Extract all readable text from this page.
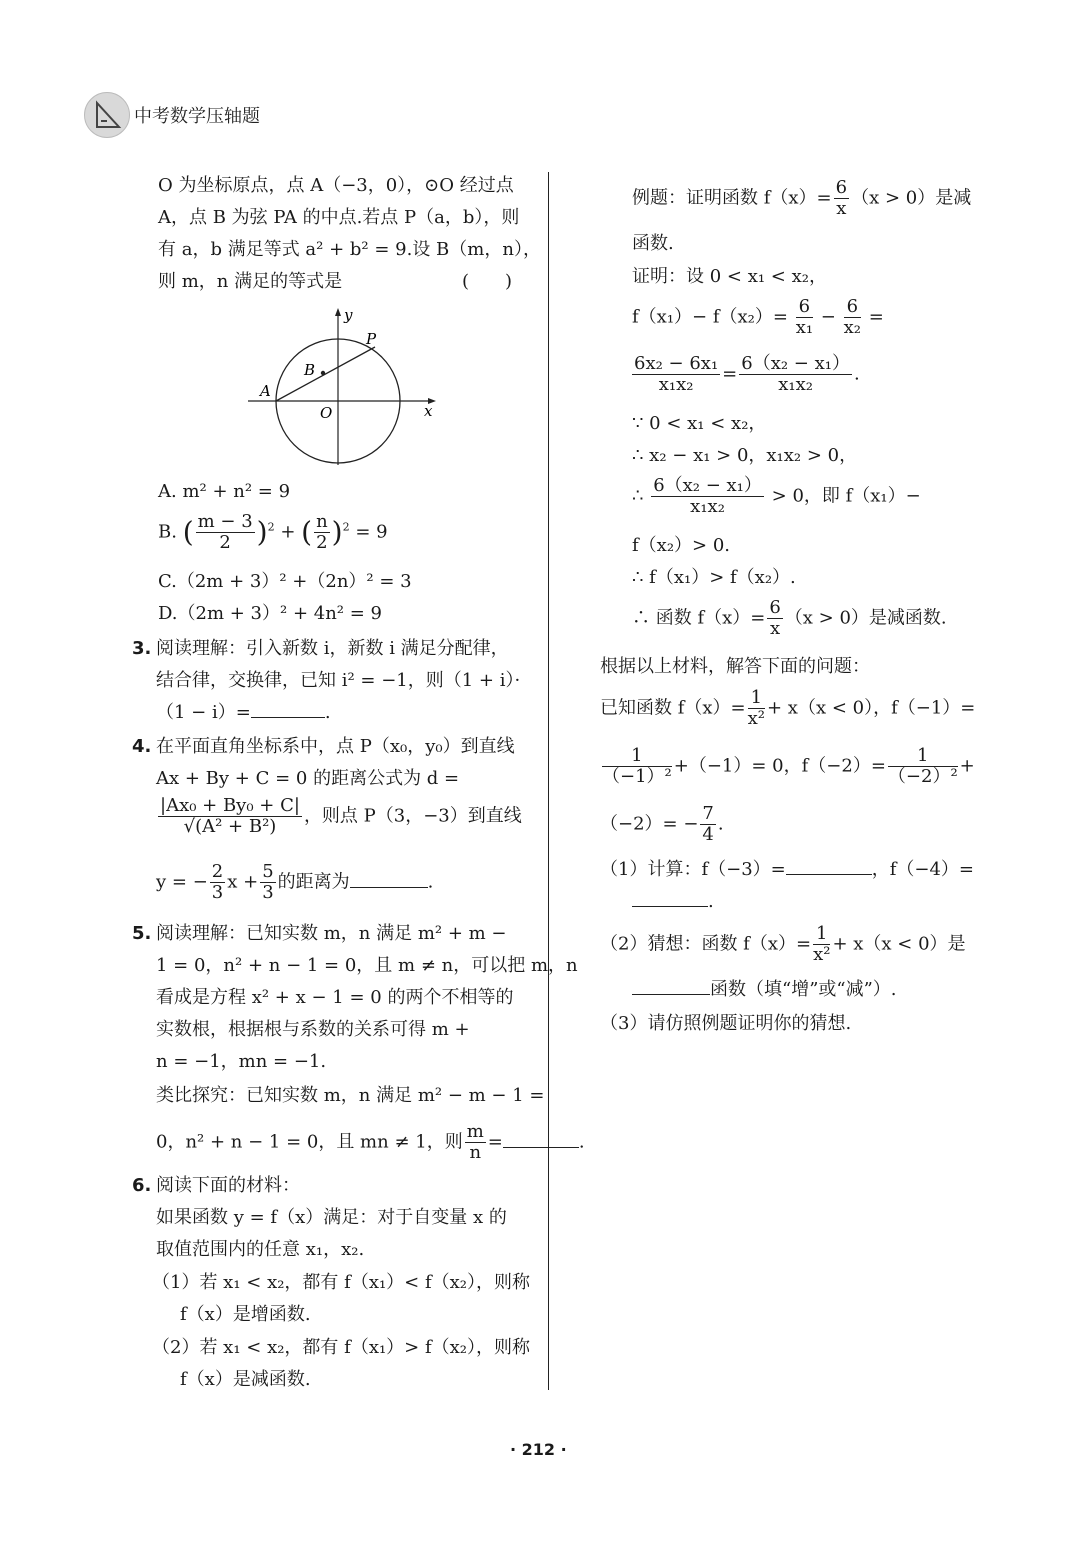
中考数学压轴题
O 为坐标原点，点 A（−3，0），⊙O 经过点
A，点 B 为弦 PA 的中点.若点 P（a，b），则
有 a，b 满足等式 a² + b² = 9.设 B（m，n），
则 m，n 满足的等式是	(　　)
y
x
O
A
B
P
A. m² + n² = 9
B. ( $\frac{m - 3}{2} )^2$ + ( $\frac{n}{2} )^2 = 9$
C.（2m + 3）² +（2n）² = 3
D.（2m + 3）² + 4n² = 9
3. 阅读理解：引入新数 i，新数 i 满足分配律，
结合律，交换律，已知 i² = −1，则（1 + i）·
（1 − i）=	.
4. 在平面直角坐标系中，点 P（x₀，y₀）到直线
Ax + By + C = 0 的距离公式为 d =
$\frac{\text{|Ax₀ + By₀ + C|}}{\text{√(A² + B²)}}$ ，则点 P（3，−3）到直线
y = − $\frac{2}{3}$ $x + \frac{5}{3}$ 的距离为	.
5. 阅读理解：已知实数 m，n 满足 m² + m −
1 = 0，n² + n − 1 = 0，且 m ≠ n，可以把 m，n
看成是方程 x² + x − 1 = 0 的两个不相等的
实数根，根据根与系数的关系可得 m +
n = −1，mn = −1.
类比探究：已知实数 m，n 满足 m² − m − 1 =
0，n² + n − 1 = 0，且 mn ≠ 1，则 $\frac{m}{n}$ =	.
6. 阅读下面的材料：
如果函数 y = f（x）满足：对于自变量 x 的
取值范围内的任意 x₁，x₂.
（1）若 x₁ < x₂，都有 f（x₁）< f（x₂），则称
f（x）是增函数.
（2）若 x₁ < x₂，都有 f（x₁）> f（x₂），则称
f（x）是减函数.
例题：证明函数 $f(x)= \frac{6}{x} (x > 0)$是减
函数.
证明：设 0 < x₁ < x₂，
$f(x_1)- f(x_2)= \frac{6}{\text{x₁}} - \frac{6}{\text{x₂}}$ =
$\frac{\text{6x₂ − 6x₁}}{\text{x₁x₂}} = \frac{\text{6（x₂ − x₁）}}{\text{x₁x₂}}$ .
∵ 0 < x₁ < x₂，
∴ x₂ − x₁ > 0，x₁x₂ > 0，
∴ $\frac{\text{6（x₂ − x₁）}}{\text{x₁x₂}} > 0$，即 f（x₁）−
f（x₂）> 0.
∴ f（x₁）> f（x₂）.
∴ 函数 $f(x)= \frac{6}{x} (x > 0)$是减函数.
根据以上材料，解答下面的问题：
已知函数 $f(x)= \frac{1}{\text{x²}} + x(x < 0)$，f（−1）=
$\frac{1}{\text{（−1）²}} +(-1)= 0$，$f(-2)= \frac{1}{\text{（−2）²}}$ +
$(-2)= - \frac{7}{4}$ .
（1）计算：f（−3）=	，f（−4）=
.
（2）猜想：函数 $f(x)= \frac{1}{\text{x²}} + x(x < 0)$是
函数（填“增”或“减”）.
（3）请仿照例题证明你的猜想.
· 212 ·
